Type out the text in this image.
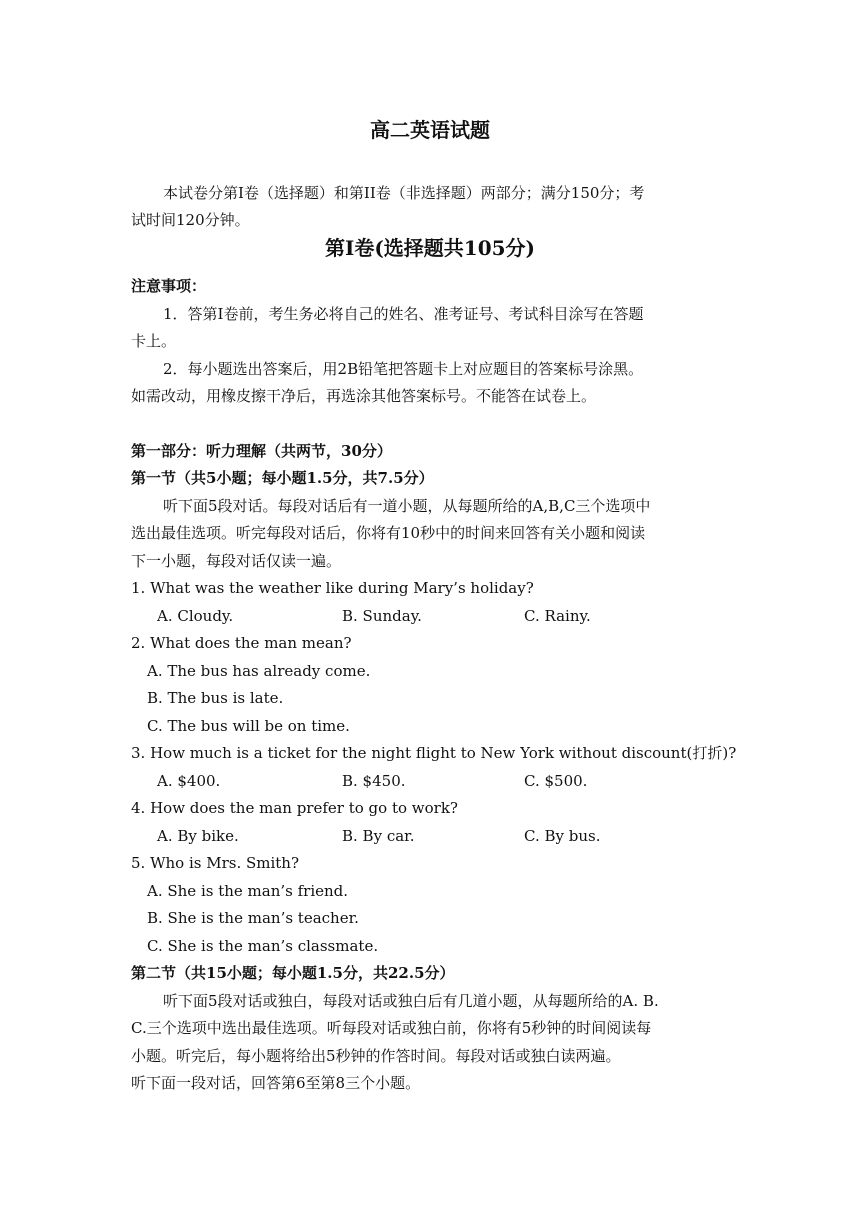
高二英语试题
本试卷分第I卷（选择题）和第II卷（非选择题）两部分；满分150分；考
试时间120分钟。
第Ⅰ卷(选择题共105分)
注意事项：
1．答第I卷前，考生务必将自己的姓名、准考证号、考试科目涂写在答题
卡上。
2．每小题选出答案后，用2B铅笔把答题卡上对应题目的答案标号涂黑。
如需改动，用橡皮擦干净后，再选涂其他答案标号。不能答在试卷上。
第一部分：听力理解（共两节，30分）
第一节（共5小题；每小题1.5分，共7.5分）
听下面5段对话。每段对话后有一道小题，从每题所给的A,B,C三个选项中
选出最佳选项。听完每段对话后，你将有10秒中的时间来回答有关小题和阅读
下一小题，每段对话仅读一遍。
1. What was the weather like during Mary’s holiday?
A. Cloudy.	B. Sunday.	C. Rainy.
2. What does the man mean?
A. The bus has already come.
B. The bus is late.
C. The bus will be on time.
3. How much is a ticket for the night flight to New York without discount(打折)?
A. $400.	B. $450.	C. $500.
4. How does the man prefer to go to work?
A. By bike.	B. By car.	C. By bus.
5. Who is Mrs. Smith?
A. She is the man’s friend.
B. She is the man’s teacher.
C. She is the man’s classmate.
第二节（共15小题；每小题1.5分，共22.5分）
听下面5段对话或独白，每段对话或独白后有几道小题，从每题所给的A. B.
C.三个选项中选出最佳选项。听每段对话或独白前，你将有5秒钟的时间阅读每
小题。听完后，每小题将给出5秒钟的作答时间。每段对话或独白读两遍。
听下面一段对话，回答第6至第8三个小题。
